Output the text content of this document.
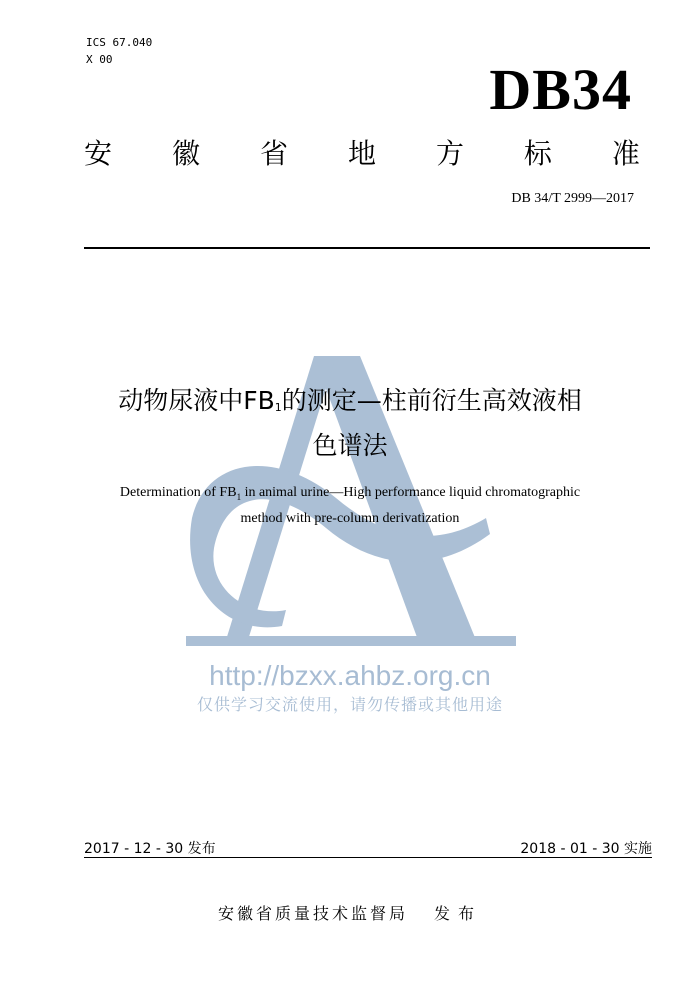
ICS 67.040
X 00	DB34
安 徽 省 地 方 标 准
DB 34/T 2999—2017
http://bzxx.ahbz.org.cn
仅供学习交流使用，请勿传播或其他用途
动物尿液中$FB_1$的测定—柱前衍生高效液相
色谱法
Determination of $FB_1$ in animal urine—High performance liquid chromatographic
method with pre-column derivatization
2017 - 12 - 30 发布	2018 - 01 - 30 实施
安徽省质量技术监督局 发布
